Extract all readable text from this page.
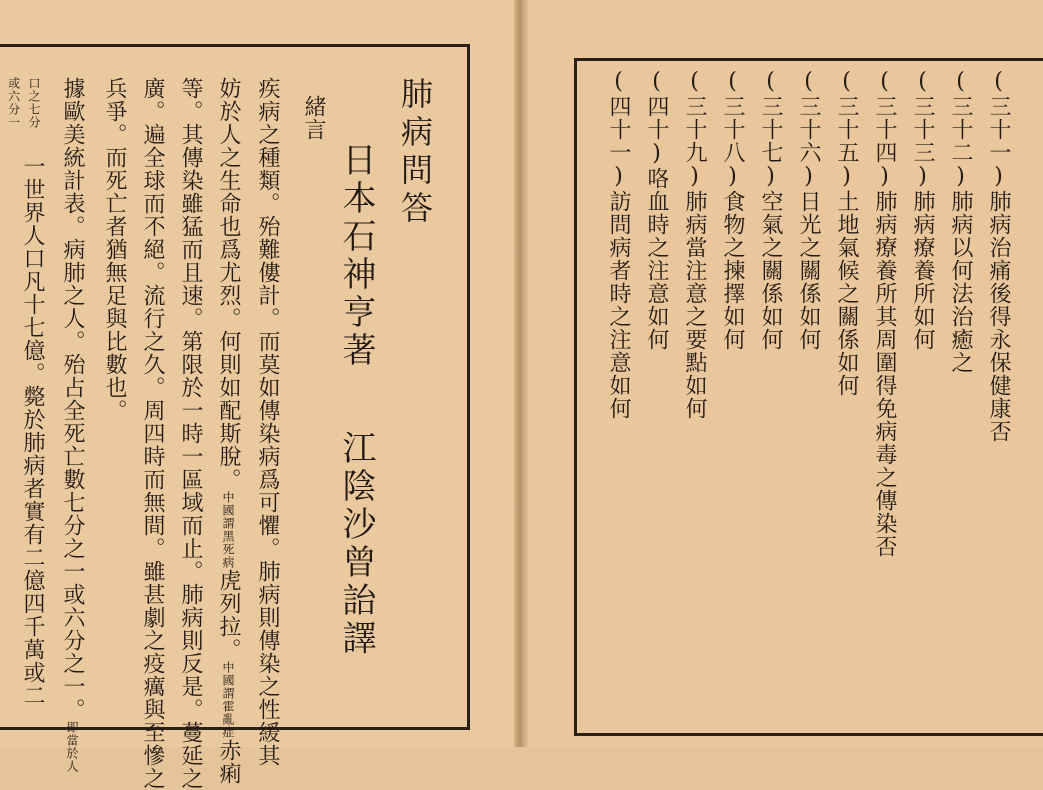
肺病問答
日本石神亨著江陰沙曾詒譯
緒言
疾病之種類。殆難僂計。而莫如傳染病爲可懼。肺病則傳染之性緩其
妨於人之生命也爲尤烈。何則如配斯脫。中國謂黑死病虎列拉。中國謂霍亂症赤痢
等。其傳染雖猛而且速。第限於一時一區域而止。肺病則反是。蔓延之
廣。遍全球而不絕。流行之久。周四時而無間。雖甚劇之疫癘與至慘之
兵爭。而死亡者猶無足與比數也。
據歐美統計表。病肺之人。殆占全死亡數七分之一或六分之一。即當於人
口之七分
一世界人口凡十七億。斃於肺病者實有二億四千萬或二
或六分一	(三十一)肺病治痛後得永保健康否
(三十二)肺病以何法治癒之
(三十三)肺病療養所如何
(三十四)肺病療養所其周圍得免病毒之傳染否
(三十五)土地氣候之關係如何
(三十六)日光之關係如何
(三十七)空氣之關係如何
(三十八)食物之揀擇如何
(三十九)肺病當注意之要點如何
(四十)咯血時之注意如何
(四十一)訪問病者時之注意如何
